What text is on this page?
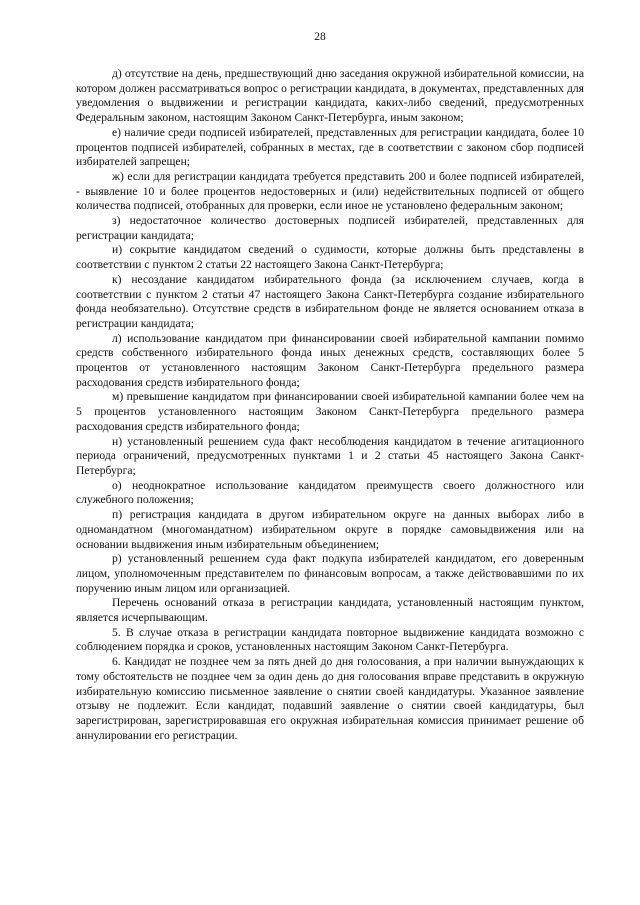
28

д) отсутствие на день, предшествующий дню заседания окружной избирательной комиссии, на котором должен рассматриваться вопрос о регистрации кандидата, в документах, представленных для уведомления о выдвижении и регистрации кандидата, каких-либо сведений, предусмотренных Федеральным законом, настоящим Законом Санкт-Петербурга, иным законом;

е) наличие среди подписей избирателей, представленных для регистрации кандидата, более 10 процентов подписей избирателей, собранных в местах, где в соответствии с законом сбор подписей избирателей запрещен;

ж) если для регистрации кандидата требуется представить 200 и более подписей избирателей, - выявление 10 и более процентов недостоверных и (или) недействительных подписей от общего количества подписей, отобранных для проверки, если иное не установлено федеральным законом;

з) недостаточное количество достоверных подписей избирателей, представленных для регистрации кандидата;

и) сокрытие кандидатом сведений о судимости, которые должны быть представлены в соответствии с пунктом 2 статьи 22 настоящего Закона Санкт-Петербурга;

к) несоздание кандидатом избирательного фонда (за исключением случаев, когда в соответствии с пунктом 2 статьи 47 настоящего Закона Санкт-Петербурга создание избирательного фонда необязательно). Отсутствие средств в избирательном фонде не является основанием отказа в регистрации кандидата;

л) использование кандидатом при финансировании своей избирательной кампании помимо средств собственного избирательного фонда иных денежных средств, составляющих более 5 процентов от установленного настоящим Законом Санкт-Петербурга предельного размера расходования средств избирательного фонда;

м) превышение кандидатом при финансировании своей избирательной кампании более чем на 5 процентов установленного настоящим Законом Санкт-Петербурга предельного размера расходования средств избирательного фонда;

н) установленный решением суда факт несоблюдения кандидатом в течение агитационного периода ограничений, предусмотренных пунктами 1 и 2 статьи 45 настоящего Закона Санкт-Петербурга;

о) неоднократное использование кандидатом преимуществ своего должностного или служебного положения;

п) регистрация кандидата в другом избирательном округе на данных выборах либо в одномандатном (многомандатном) избирательном округе в порядке самовыдвижения или на основании выдвижения иным избирательным объединением;

р) установленный решением суда факт подкупа избирателей кандидатом, его доверенным лицом, уполномоченным представителем по финансовым вопросам, а также действовавшими по их поручению иным лицом или организацией.

Перечень оснований отказа в регистрации кандидата, установленный настоящим пунктом, является исчерпывающим.

5. В случае отказа в регистрации кандидата повторное выдвижение кандидата возможно с соблюдением порядка и сроков, установленных настоящим Законом Санкт-Петербурга.

6. Кандидат не позднее чем за пять дней до дня голосования, а при наличии вынуждающих к тому обстоятельств не позднее чем за один день до дня голосования вправе представить в окружную избирательную комиссию письменное заявление о снятии своей кандидатуры. Указанное заявление отзыву не подлежит. Если кандидат, подавший заявление о снятии своей кандидатуры, был зарегистрирован, зарегистрировавшая его окружная избирательная комиссия принимает решение об аннулировании его регистрации.
